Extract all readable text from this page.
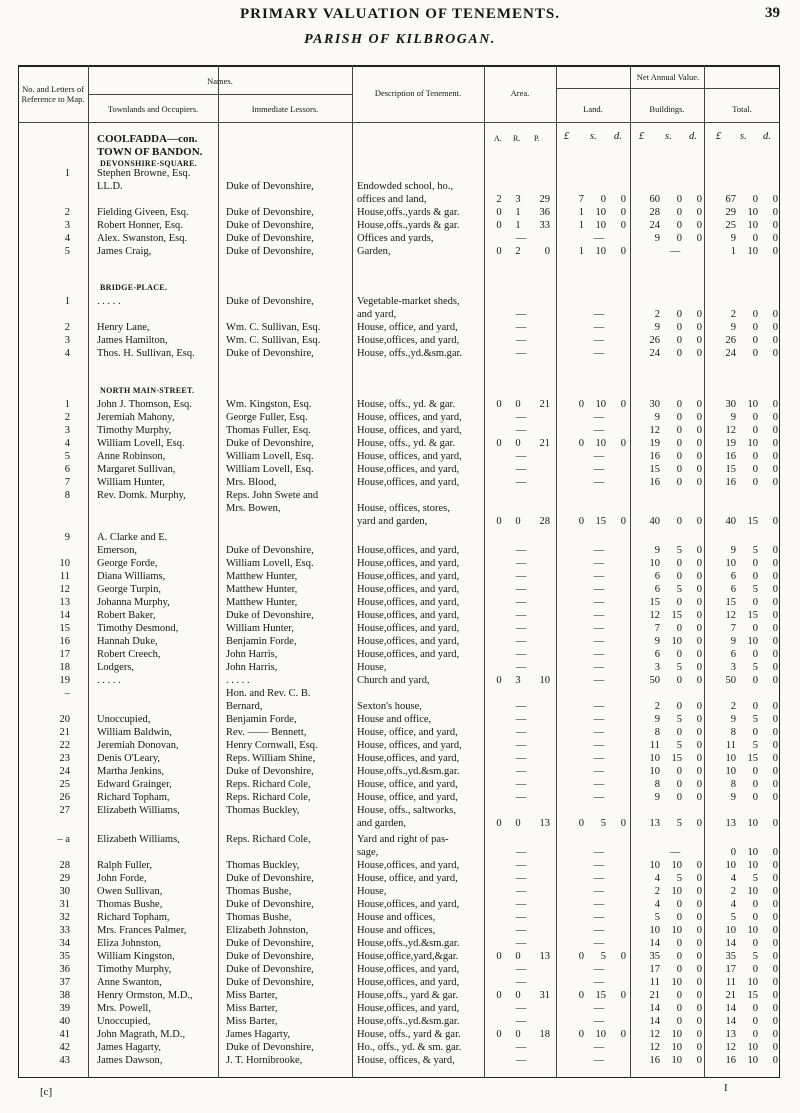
PRIMARY VALUATION OF TENEMENTS.	39
PARISH OF KILBROGAN.
No. and Letters of Reference to Map.
Names.
Townlands and Occupiers.	Immediate Lessors.
Description of Tenement.	Area.
Net Annual Value.
Land.	Buildings.	Total.
A. R. P. £ s. d. £ s. d. £ s. d.
COOLFADDA—con.
TOWN OF BANDON.
DEVONSHIRE-SQUARE.
BRIDGE-PLACE.
NORTH MAIN-STREET.
1	Stephen Browne, Esq.
LL.D.	Duke of Devonshire,	Endowded school, ho.,
offices and land,	2	3	29	7	0	0	60	0	0	67	0	0
2	Fielding Giveen, Esq.	Duke of Devonshire,	House,offs.,yards & gar.	0	1	36	1	10	0	28	0	0	29	10	0
3	Robert Honner, Esq.	Duke of Devonshire,	House,offs.,yards & gar.	0	1	33	1	10	0	24	0	0	25	10	0
4	Alex. Swanston, Esq.	Duke of Devonshire,	Offices and yards,	—	—	9	0	0	9	0	0
5	James Craig,	Duke of Devonshire,	Garden,	0	2	0	1	10	0	—	1	10	0
1	. . . . .	Duke of Devonshire,	Vegetable-market sheds,
and yard,	—	—	2	0	0	2	0	0
2	Henry Lane,	Wm. C. Sullivan, Esq.	House, office, and yard,	—	—	9	0	0	9	0	0
3	James Hamilton,	Wm. C. Sullivan, Esq.	House,offices, and yard,	—	—	26	0	0	26	0	0
4	Thos. H. Sullivan, Esq.	Duke of Devonshire,	House, offs.,yd.&sm.gar.	—	—	24	0	0	24	0	0
1	John J. Thomson, Esq.	Wm. Kingston, Esq.	House, offs., yd. & gar.	0	0	21	0	10	0	30	0	0	30	10	0
2	Jeremiah Mahony,	George Fuller, Esq.	House, offices, and yard,	—	—	9	0	0	9	0	0
3	Timothy Murphy,	Thomas Fuller, Esq.	House, offices, and yard,	—	—	12	0	0	12	0	0
4	William Lovell, Esq.	Duke of Devonshire,	House, offs., yd. & gar.	0	0	21	0	10	0	19	0	0	19	10	0
5	Anne Robinson,	William Lovell, Esq.	House, offices, and yard,	—	—	16	0	0	16	0	0
6	Margaret Sullivan,	William Lovell, Esq.	House,offices, and yard,	—	—	15	0	0	15	0	0
7	William Hunter,	Mrs. Blood,	House,offices, and yard,	—	—	16	0	0	16	0	0
8	Rev. Domk. Murphy,	Reps. John Swete and
Mrs. Bowen,	House, offices, stores,
yard and garden,	0	0	28	0	15	0	40	0	0	40	15	0
9	A. Clarke and E.
Emerson,	Duke of Devonshire,	House,offices, and yard,	—	—	9	5	0	9	5	0
10	George Forde,	William Lovell, Esq.	House,offices, and yard,	—	—	10	0	0	10	0	0
11	Diana Williams,	Matthew Hunter,	House,offices, and yard,	—	—	6	0	0	6	0	0
12	George Turpin,	Matthew Hunter,	House,offices, and yard,	—	—	6	5	0	6	5	0
13	Johanna Murphy,	Matthew Hunter,	House,offices, and yard,	—	—	15	0	0	15	0	0
14	Robert Baker,	Duke of Devonshire,	House,offices, and yard,	—	—	12	15	0	12	15	0
15	Timothy Desmond,	William Hunter,	House,offices, and yard,	—	—	7	0	0	7	0	0
16	Hannah Duke,	Benjamin Forde,	House,offices, and yard,	—	—	9	10	0	9	10	0
17	Robert Creech,	John Harris,	House,offices, and yard,	—	—	6	0	0	6	0	0
18	Lodgers,	John Harris,	House,	—	—	3	5	0	3	5	0
19	. . . . .	. . . . .	Church and yard,	0	3	10	—	50	0	0	50	0	0
–	Hon. and Rev. C. B.
Bernard,	Sexton's house,	—	—	2	0	0	2	0	0
20	Unoccupied,	Benjamin Forde,	House and office,	—	—	9	5	0	9	5	0
21	William Baldwin,	Rev. —— Bennett,	House, office, and yard,	—	—	8	0	0	8	0	0
22	Jeremiah Donovan,	Henry Cornwall, Esq.	House, offices, and yard,	—	—	11	5	0	11	5	0
23	Denis O'Leary,	Reps. William Shine,	House,offices, and yard,	—	—	10	15	0	10	15	0
24	Martha Jenkins,	Duke of Devonshire,	House,offs.,yd.&sm.gar.	—	—	10	0	0	10	0	0
25	Edward Grainger,	Reps. Richard Cole,	House, office, and yard,	—	—	8	0	0	8	0	0
26	Richard Topham,	Reps. Richard Cole,	House, office, and yard,	—	—	9	0	0	9	0	0
27	Elizabeth Williams,	Thomas Buckley,	House, offs., saltworks,
and garden,	0	0	13	0	5	0	13	5	0	13	10	0
– a	Elizabeth Williams,	Reps. Richard Cole,	Yard and right of pas-
sage,	—	—	—	0	10	0
28	Ralph Fuller,	Thomas Buckley,	House,offices, and yard,	—	—	10	10	0	10	10	0
29	John Forde,	Duke of Devonshire,	House, office, and yard,	—	—	4	5	0	4	5	0
30	Owen Sullivan,	Thomas Bushe,	House,	—	—	2	10	0	2	10	0
31	Thomas Bushe,	Duke of Devonshire,	House,offices, and yard,	—	—	4	0	0	4	0	0
32	Richard Topham,	Thomas Bushe,	House and offices,	—	—	5	0	0	5	0	0
33	Mrs. Frances Palmer,	Elizabeth Johnston,	House and offices,	—	—	10	10	0	10	10	0
34	Eliza Johnston,	Duke of Devonshire,	House,offs.,yd.&sm.gar.	—	—	14	0	0	14	0	0
35	William Kingston,	Duke of Devonshire,	House,office,yard,&gar.	0	0	13	0	5	0	35	0	0	35	5	0
36	Timothy Murphy,	Duke of Devonshire,	House,offices, and yard,	—	—	17	0	0	17	0	0
37	Anne Swanton,	Duke of Devonshire,	House,offices, and yard,	—	—	11	10	0	11	10	0
38	Henry Ormston, M.D.,	Miss Barter,	House,offs., yard & gar.	0	0	31	0	15	0	21	0	0	21	15	0
39	Mrs. Powell,	Miss Barter,	House,offices, and yard,	—	—	14	0	0	14	0	0
40	Unoccupied,	Miss Barter,	House,offs.,yd.&sm.gar.	—	—	14	0	0	14	0	0
41	John Magrath, M.D.,	James Hagarty,	House, offs., yard & gar.	0	0	18	0	10	0	12	10	0	13	0	0
42	James Hagarty,	Duke of Devonshire,	Ho., offs., yd. & sm. gar.	—	—	12	10	0	12	10	0
43	James Dawson,	J. T. Hornibrooke,	House, offices, & yard,	—	—	16	10	0	16	10	0
[c]	I
